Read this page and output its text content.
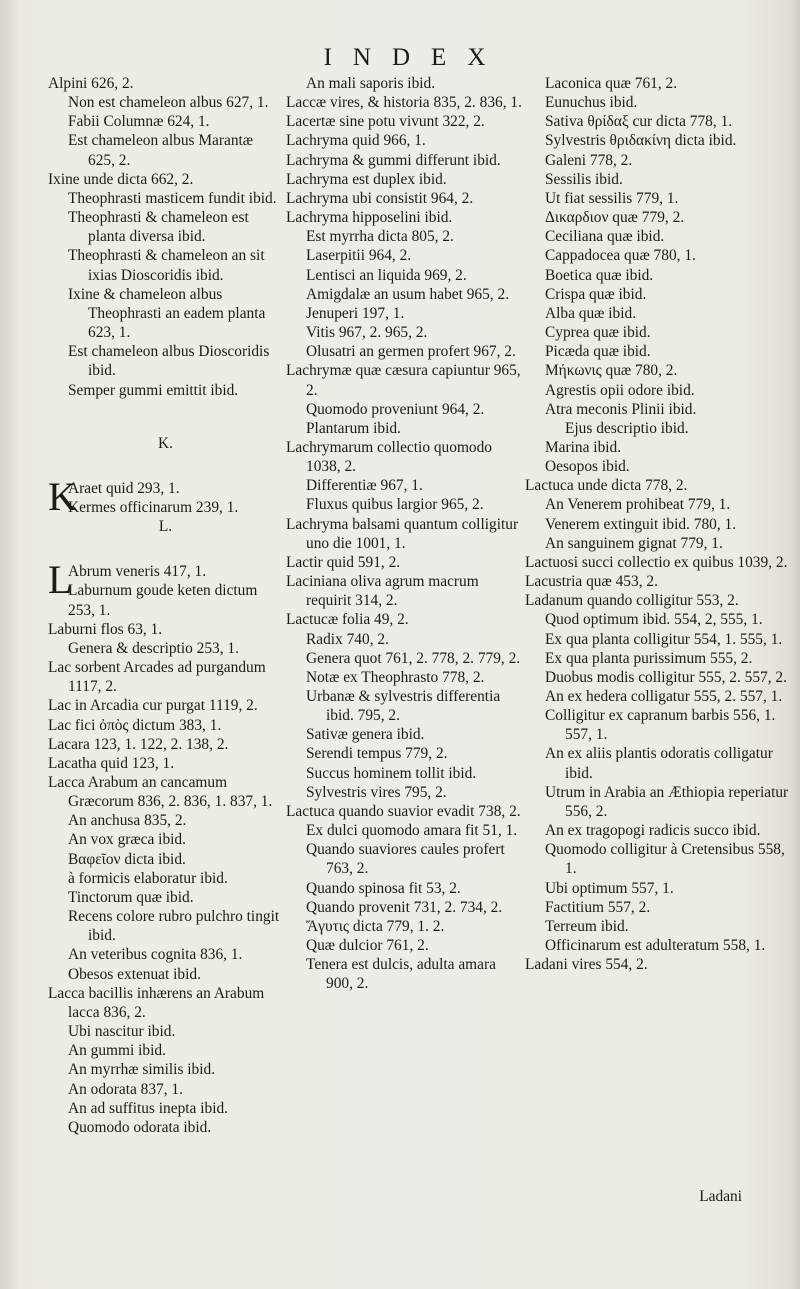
INDEX

Alpini 626, 2.

Non est chameleon albus 627, 1.

Fabii Columnæ 624, 1.

Est chameleon albus Marantæ 625, 2.

Ixine unde dicta 662, 2.

Theophrasti masticem fundit ibid.

Theophrasti & chameleon est planta diversa ibid.

Theophrasti & chameleon an sit ixias Dioscoridis ibid.

Ixine & chameleon albus Theophrasti an eadem planta 623, 1.

Est chameleon albus Dioscoridis ibid.

Semper gummi emittit ibid.

K.

K
Araet quid 293, 1.

Kermes officinarum 239, 1.

L.

L
Abrum veneris 417, 1.

Laburnum goude keten dictum 253, 1.

Laburni flos 63, 1.

Genera & descriptio 253, 1.

Lac sorbent Arcades ad purgandum 1117, 2.

Lac in Arcadia cur purgat 1119, 2.

Lac fici ὀπὸς dictum 383, 1.

Lacara 123, 1. 122, 2. 138, 2.

Lacatha quid 123, 1.

Lacca Arabum an cancamum Græcorum 836, 2. 836, 1. 837, 1.

An anchusa 835, 2.

An vox græca ibid.

Βαφεῖον dicta ibid.

à formicis elaboratur ibid.

Tinctorum quæ ibid.

Recens colore rubro pulchro tingit ibid.

An veteribus cognita 836, 1.

Obesos extenuat ibid.

Lacca bacillis inhærens an Arabum lacca 836, 2.

Ubi nascitur ibid.

An gummi ibid.

An myrrhæ similis ibid.

An odorata 837, 1.

An ad suffitus inepta ibid.

Quomodo odorata ibid.

An mali saporis ibid.

Laccæ vires, & historia 835, 2. 836, 1.

Lacertæ sine potu vivunt 322, 2.

Lachryma quid 966, 1.

Lachryma & gummi differunt ibid.

Lachryma est duplex ibid.

Lachryma ubi consistit 964, 2.

Lachryma hipposelini ibid.

Est myrrha dicta 805, 2.

Laserpitii 964, 2.

Lentisci an liquida 969, 2.

Amigdalæ an usum habet 965, 2.

Jenuperi 197, 1.

Vitis 967, 2. 965, 2.

Olusatri an germen profert 967, 2.

Lachrymæ quæ cæsura capiuntur 965, 2.

Quomodo proveniunt 964, 2.

Plantarum ibid.

Lachrymarum collectio quomodo 1038, 2.

Differentiæ 967, 1.

Fluxus quibus largior 965, 2.

Lachryma balsami quantum colligitur uno die 1001, 1.

Lactir quid 591, 2.

Laciniana oliva agrum macrum requirit 314, 2.

Lactucæ folia 49, 2.

Radix 740, 2.

Genera quot 761, 2. 778, 2. 779, 2.

Notæ ex Theophrasto 778, 2.

Urbanæ & sylvestris differentia ibid. 795, 2.

Sativæ genera ibid.

Serendi tempus 779, 2.

Succus hominem tollit ibid.

Sylvestris vires 795, 2.

Lactuca quando suavior evadit 738, 2.

Ex dulci quomodo amara fit 51, 1.

Quando suaviores caules profert 763, 2.

Quando spinosa fit 53, 2.

Quando provenit 731, 2. 734, 2.

Ἄγυτις dicta 779, 1. 2.

Quæ dulcior 761, 2.

Tenera est dulcis, adulta amara 900, 2.

Laconica quæ 761, 2.

Eunuchus ibid.

Sativa θρίδαξ cur dicta 778, 1.

Sylvestris θριδακίνη dicta ibid.

Galeni 778, 2.

Sessilis ibid.

Ut fiat sessilis 779, 1.

Δικαρδιον quæ 779, 2.

Ceciliana quæ ibid.

Cappadocea quæ 780, 1.

Boetica quæ ibid.

Crispa quæ ibid.

Alba quæ ibid.

Cyprea quæ ibid.

Picæda quæ ibid.

Μήκωνις quæ 780, 2.

Agrestis opii odore ibid.

Atra meconis Plinii ibid.

Ejus descriptio ibid.

Marina ibid.

Oesopos ibid.

Lactuca unde dicta 778, 2.

An Venerem prohibeat 779, 1.

Venerem extinguit ibid. 780, 1.

An sanguinem gignat 779, 1.

Lactuosi succi collectio ex quibus 1039, 2.

Lacustria quæ 453, 2.

Ladanum quando colligitur 553, 2.

Quod optimum ibid. 554, 2, 555, 1.

Ex qua planta colligitur 554, 1. 555, 1.

Ex qua planta purissimum 555, 2.

Duobus modis colligitur 555, 2. 557, 2.

An ex hedera colligatur 555, 2. 557, 1.

Colligitur ex capranum barbis 556, 1. 557, 1.

An ex aliis plantis odoratis colligatur ibid.

Utrum in Arabia an Æthiopia reperiatur 556, 2.

An ex tragopogi radicis succo ibid.

Quomodo colligitur à Cretensibus 558, 1.

Ubi optimum 557, 1.

Factitium 557, 2.

Terreum ibid.

Officinarum est adulteratum 558, 1.

Ladani vires 554, 2.

Ladani
